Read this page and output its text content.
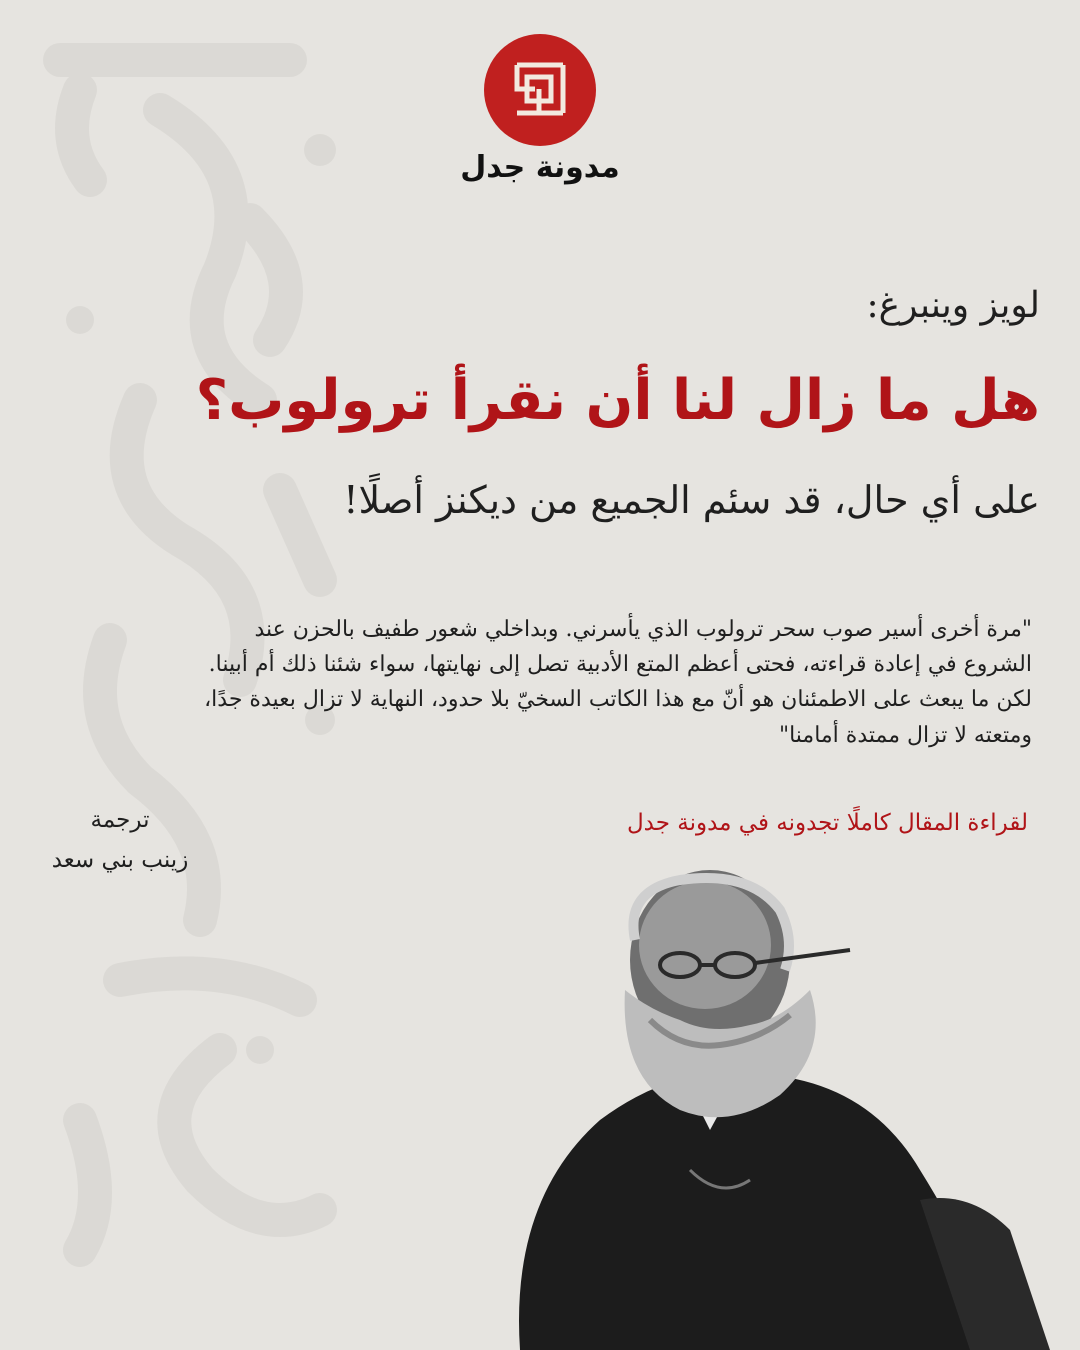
مدونة جدل
لويز وينبرغ:
هل ما زال لنا أن نقرأ ترولوب؟
على أي حال، قد سئم الجميع من ديكنز أصلًا!
"مرة أخرى أسير صوب سحر ترولوب الذي يأسرني. وبداخلي شعور طفيف بالحزن عند
الشروع في إعادة قراءته، فحتى أعظم المتع الأدبية تصل إلى نهايتها، سواء شئنا ذلك أم أبينا.
لكن ما يبعث على الاطمئنان هو أنّ مع هذا الكاتب السخيّ بلا حدود، النهاية لا تزال بعيدة جدًا،
ومتعته لا تزال ممتدة أمامنا"
لقراءة المقال كاملًا تجدونه في مدونة جدل
ترجمة
زينب بني سعد
